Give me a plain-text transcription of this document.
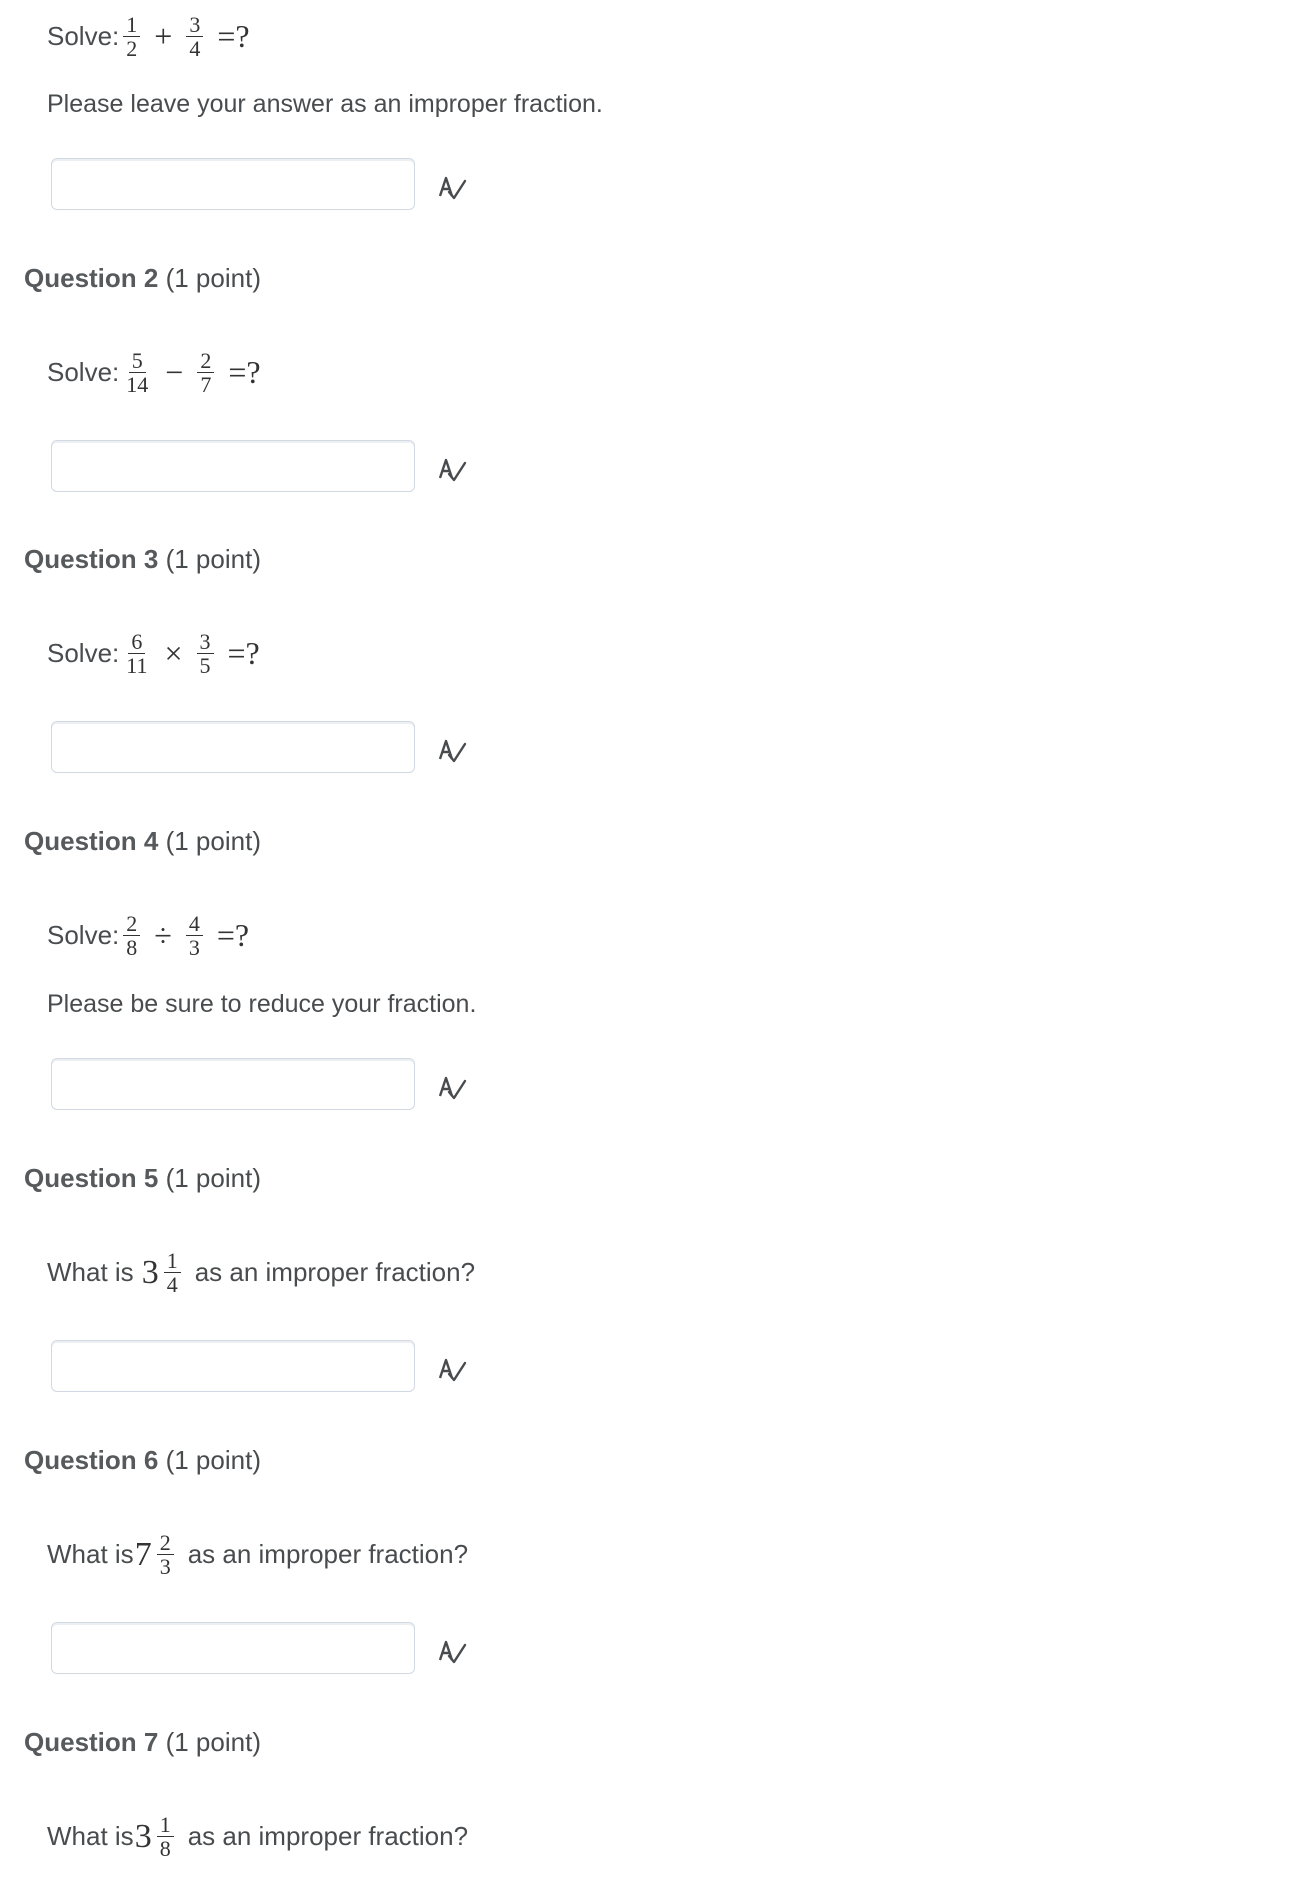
Solve: $\frac{1}{2} + \frac{3}{4}$ =?
Please leave your answer as an improper fraction.
Question 2 (1 point)
Solve: $\frac{5}{14} - \frac{2}{7}$ =?
Question 3 (1 point)
Solve: $\frac{6}{11} \times \frac{3}{5}$ =?
Question 4 (1 point)
Solve: $\frac{2}{8} \div \frac{4}{3}$ =?
Please be sure to reduce your fraction.
Question 5 (1 point)
What is $3 \frac{1}{4}$ as an improper fraction?
Question 6 (1 point)
What is $7 \frac{2}{3}$ as an improper fraction?
Question 7 (1 point)
What is $3 \frac{1}{8}$ as an improper fraction?
